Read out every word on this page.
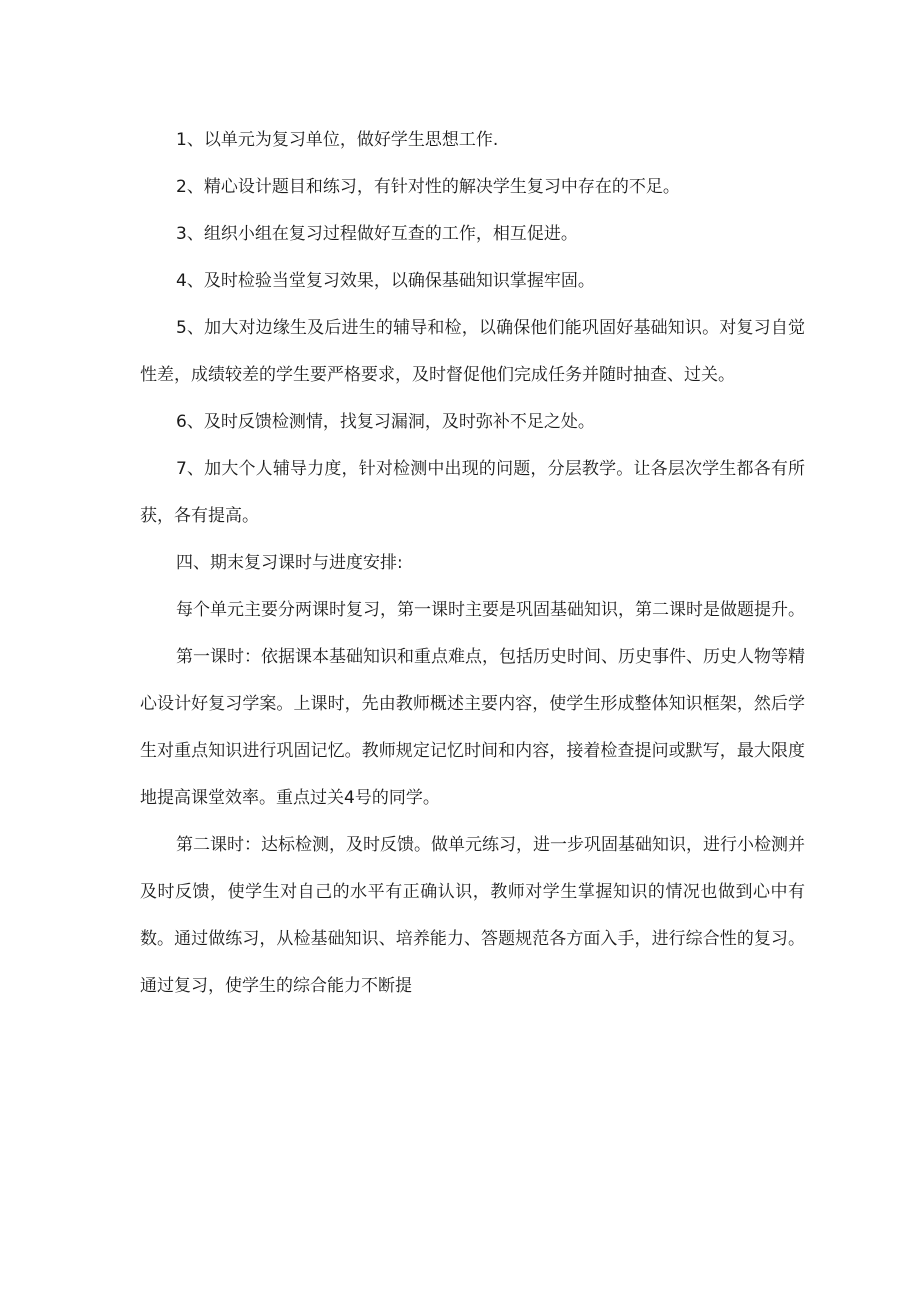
1、以单元为复习单位，做好学生思想工作.

2、精心设计题目和练习，有针对性的解决学生复习中存在的不足。

3、组织小组在复习过程做好互查的工作，相互促进。

4、及时检验当堂复习效果，以确保基础知识掌握牢固。

5、加大对边缘生及后进生的辅导和检，以确保他们能巩固好基础知识。对复习自觉性差，成绩较差的学生要严格要求，及时督促他们完成任务并随时抽查、过关。

6、及时反馈检测情，找复习漏洞，及时弥补不足之处。

7、加大个人辅导力度，针对检测中出现的问题，分层教学。让各层次学生都各有所获，各有提高。

四、期末复习课时与进度安排:

每个单元主要分两课时复习，第一课时主要是巩固基础知识，第二课时是做题提升。

第一课时：依据课本基础知识和重点难点，包括历史时间、历史事件、历史人物等精心设计好复习学案。上课时，先由教师概述主要内容，使学生形成整体知识框架，然后学生对重点知识进行巩固记忆。教师规定记忆时间和内容，接着检查提问或默写，最大限度地提高课堂效率。重点过关4号的同学。

第二课时：达标检测，及时反馈。做单元练习，进一步巩固基础知识，进行小检测并及时反馈，使学生对自己的水平有正确认识，教师对学生掌握知识的情况也做到心中有数。通过做练习，从检基础知识、培养能力、答题规范各方面入手，进行综合性的复习。通过复习，使学生的综合能力不断提
